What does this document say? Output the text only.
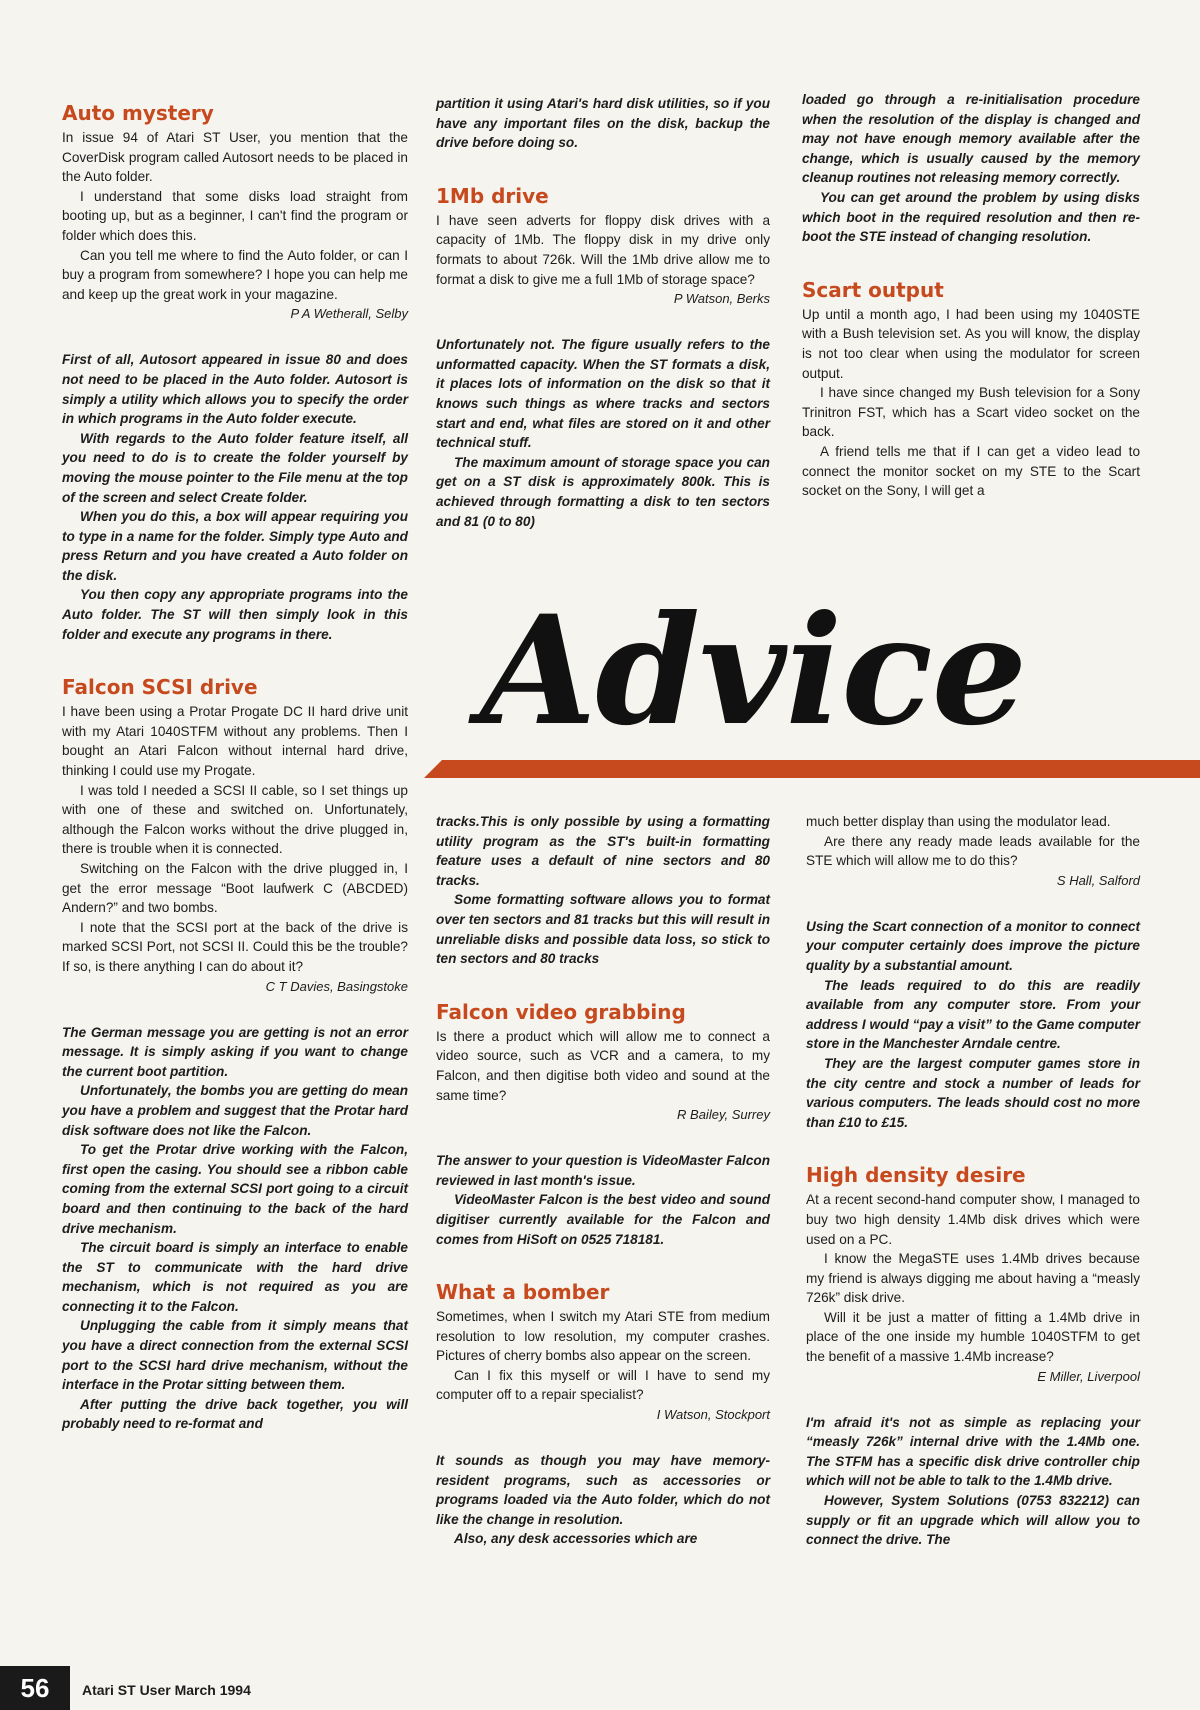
Auto mystery

In issue 94 of Atari ST User, you mention that the CoverDisk program called Autosort needs to be placed in the Auto folder.

I understand that some disks load straight from booting up, but as a beginner, I can't find the program or folder which does this.

Can you tell me where to find the Auto folder, or can I buy a program from somewhere? I hope you can help me and keep up the great work in your magazine.

P A Wetherall, Selby

First of all, Autosort appeared in issue 80 and does not need to be placed in the Auto folder. Autosort is simply a utility which allows you to specify the order in which programs in the Auto folder execute.

With regards to the Auto folder feature itself, all you need to do is to create the folder yourself by moving the mouse pointer to the File menu at the top of the screen and select Create folder.

When you do this, a box will appear requiring you to type in a name for the folder. Simply type Auto and press Return and you have created a Auto folder on the disk.

You then copy any appropriate programs into the Auto folder. The ST will then simply look in this folder and execute any programs in there.

Falcon SCSI drive

I have been using a Protar Progate DC II hard drive unit with my Atari 1040STFM without any problems. Then I bought an Atari Falcon without internal hard drive, thinking I could use my Progate.

I was told I needed a SCSI II cable, so I set things up with one of these and switched on. Unfortunately, although the Falcon works without the drive plugged in, there is trouble when it is connected.

Switching on the Falcon with the drive plugged in, I get the error message “Boot laufwerk C (ABCDED) Andern?” and two bombs.

I note that the SCSI port at the back of the drive is marked SCSI Port, not SCSI II. Could this be the trouble? If so, is there anything I can do about it?

C T Davies, Basingstoke

The German message you are getting is not an error message. It is simply asking if you want to change the current boot partition.

Unfortunately, the bombs you are getting do mean you have a problem and suggest that the Protar hard disk software does not like the Falcon.

To get the Protar drive working with the Falcon, first open the casing. You should see a ribbon cable coming from the external SCSI port going to a circuit board and then continuing to the back of the hard drive mechanism.

The circuit board is simply an interface to enable the ST to communicate with the hard drive mechanism, which is not required as you are connecting it to the Falcon.

Unplugging the cable from it simply means that you have a direct connection from the external SCSI port to the SCSI hard drive mechanism, without the interface in the Protar sitting between them.

After putting the drive back together, you will probably need to re-format and

partition it using Atari's hard disk utilities, so if you have any important files on the disk, backup the drive before doing so.

1Mb drive

I have seen adverts for floppy disk drives with a capacity of 1Mb. The floppy disk in my drive only formats to about 726k. Will the 1Mb drive allow me to format a disk to give me a full 1Mb of storage space?

P Watson, Berks

Unfortunately not. The figure usually refers to the unformatted capacity. When the ST formats a disk, it places lots of information on the disk so that it knows such things as where tracks and sectors start and end, what files are stored on it and other technical stuff.

The maximum amount of storage space you can get on a ST disk is approximately 800k. This is achieved through formatting a disk to ten sectors and 81 (0 to 80)

loaded go through a re-initialisation procedure when the resolution of the display is changed and may not have enough memory available after the change, which is usually caused by the memory cleanup routines not releasing memory correctly.

You can get around the problem by using disks which boot in the required resolution and then re-boot the STE instead of changing resolution.

Scart output

Up until a month ago, I had been using my 1040STE with a Bush television set. As you will know, the display is not too clear when using the modulator for screen output.

I have since changed my Bush television for a Sony Trinitron FST, which has a Scart video socket on the back.

A friend tells me that if I can get a video lead to connect the monitor socket on my STE to the Scart socket on the Sony, I will get a

Advice

tracks.This is only possible by using a formatting utility program as the ST's built-in formatting feature uses a default of nine sectors and 80 tracks.

Some formatting software allows you to format over ten sectors and 81 tracks but this will result in unreliable disks and possible data loss, so stick to ten sectors and 80 tracks

Falcon video grabbing

Is there a product which will allow me to connect a video source, such as VCR and a camera, to my Falcon, and then digitise both video and sound at the same time?

R Bailey, Surrey

The answer to your question is VideoMaster Falcon reviewed in last month's issue.

VideoMaster Falcon is the best video and sound digitiser currently available for the Falcon and comes from HiSoft on 0525 718181.

What a bomber

Sometimes, when I switch my Atari STE from medium resolution to low resolution, my computer crashes. Pictures of cherry bombs also appear on the screen.

Can I fix this myself or will I have to send my computer off to a repair specialist?

I Watson, Stockport

It sounds as though you may have memory-resident programs, such as accessories or programs loaded via the Auto folder, which do not like the change in resolution.

Also, any desk accessories which are

much better display than using the modulator lead.

Are there any ready made leads available for the STE which will allow me to do this?

S Hall, Salford

Using the Scart connection of a monitor to connect your computer certainly does improve the picture quality by a substantial amount.

The leads required to do this are readily available from any computer store. From your address I would “pay a visit” to the Game computer store in the Manchester Arndale centre.

They are the largest computer games store in the city centre and stock a number of leads for various computers. The leads should cost no more than £10 to £15.

High density desire

At a recent second-hand computer show, I managed to buy two high density 1.4Mb disk drives which were used on a PC.

I know the MegaSTE uses 1.4Mb drives because my friend is always digging me about having a “measly 726k” disk drive.

Will it be just a matter of fitting a 1.4Mb drive in place of the one inside my humble 1040STFM to get the benefit of a massive 1.4Mb increase?

E Miller, Liverpool

I'm afraid it's not as simple as replacing your “measly 726k” internal drive with the 1.4Mb one. The STFM has a specific disk drive controller chip which will not be able to talk to the 1.4Mb drive.

However, System Solutions (0753 832212) can supply or fit an upgrade which will allow you to connect the drive. The

56	Atari ST User March 1994
